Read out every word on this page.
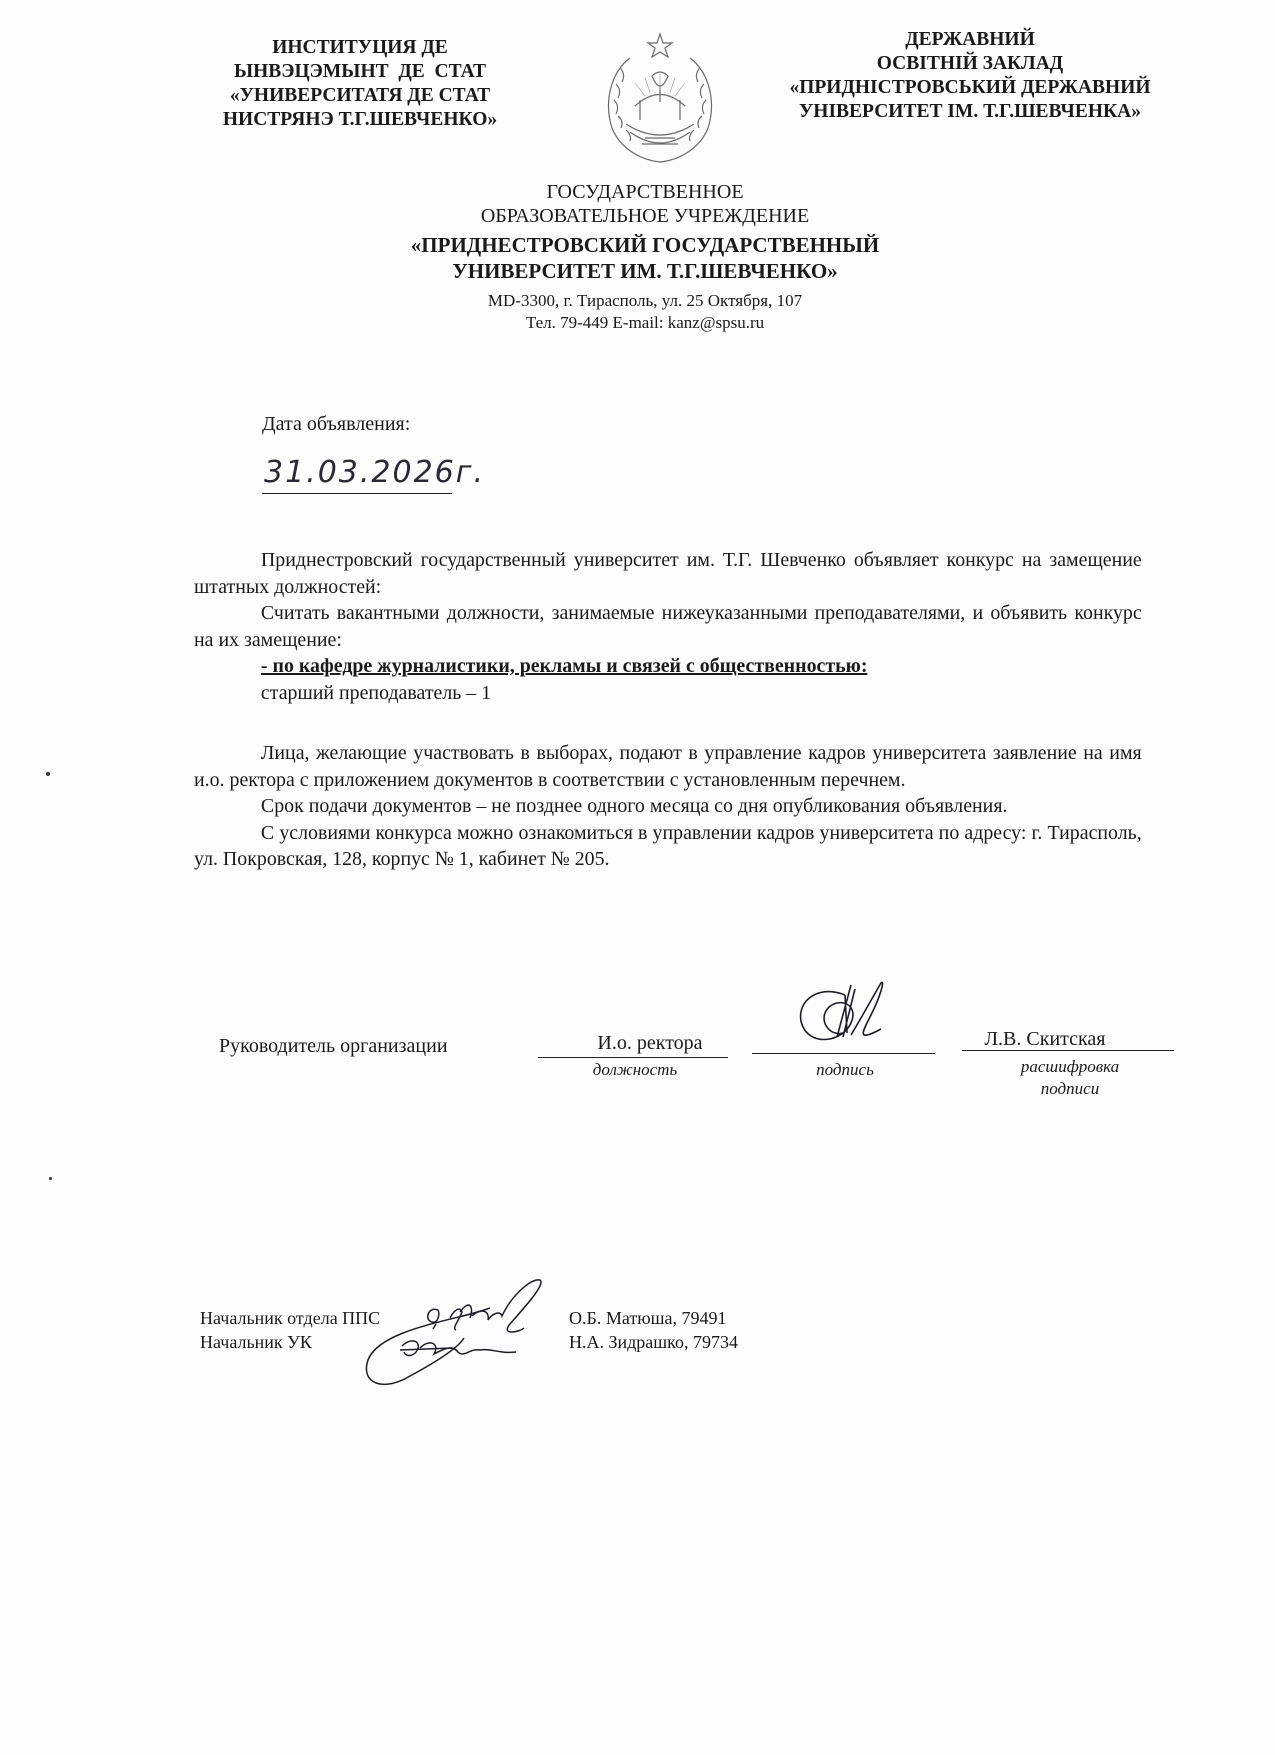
ИНСТИТУЦИЯ ДЕ
ЫНВЭЦЭМЫНТ  ДЕ  СТАТ
«УНИВЕРСИТАТЯ ДЕ СТАТ
НИСТРЯНЭ Т.Г.ШЕВЧЕНКО»
ДЕРЖАВНИЙ
ОСВІТНІЙ ЗАКЛАД
«ПРИДНІСТРОВСЬКИЙ ДЕРЖАВНИЙ
УНІВЕРСИТЕТ ІМ. Т.Г.ШЕВЧЕНКА»
ГОСУДАРСТВЕННОЕ
ОБРАЗОВАТЕЛЬНОЕ УЧРЕЖДЕНИЕ
«ПРИДНЕСТРОВСКИЙ ГОСУДАРСТВЕННЫЙ
УНИВЕРСИТЕТ ИМ. Т.Г.ШЕВЧЕНКО»
MD-3300, г. Тирасполь, ул. 25 Октября, 107
Тел. 79-449 E-mail: kanz@spsu.ru
Дата объявления:
31.03.2026г.

Приднестровский государственный университет им. Т.Г. Шевченко объявляет конкурс на замещение штатных должностей:

Считать вакантными должности, занимаемые нижеуказанными преподавателями, и объявить конкурс на их замещение:

- по кафедре журналистики, рекламы и связей с общественностью:

старший преподаватель – 1

Лица, желающие участвовать в выборах, подают в управление кадров университета заявление на имя и.о. ректора с приложением документов в соответствии с установленным перечнем.

Срок подачи документов – не позднее одного месяца со дня опубликования объявления.

С условиями конкурса можно ознакомиться в управлении кадров университета по адресу: г. Тирасполь, ул. Покровская, 128, корпус № 1, кабинет № 205.

Руководитель организации	И.о. ректора
должность	подпись
Л.В. Скитская
расшифровка
подписи
Начальник отдела ППС
Начальник УК
О.Б. Матюша, 79491
Н.А. Зидрашко, 79734
